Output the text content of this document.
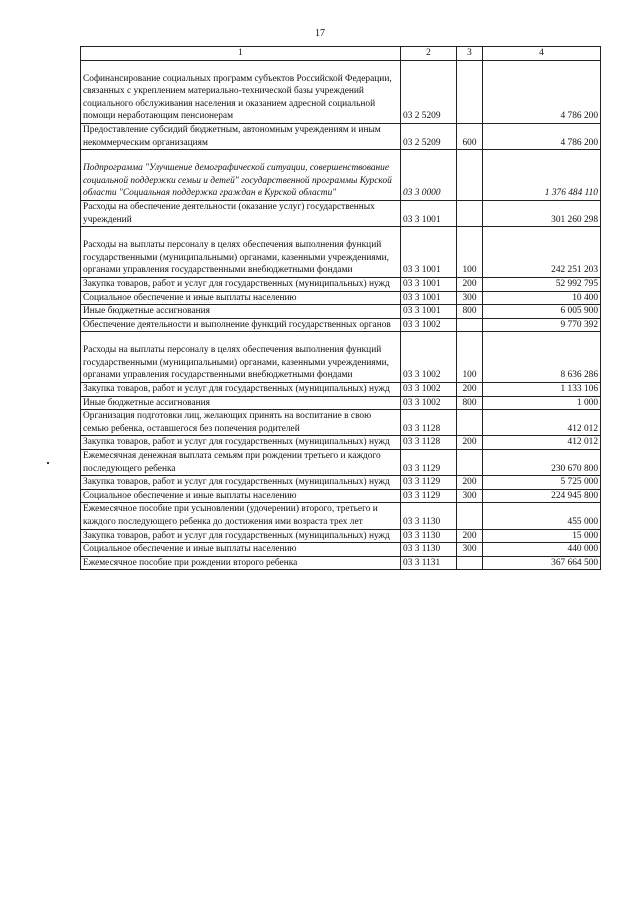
17
1	2	3	4
Софинансирование социальных программ субъектов Российской Федерации, связанных с укреплением материально-технической базы учреждений социального обслуживания населения и оказанием адресной социальной помощи неработающим пенсионерам	03 2 5209		4 786 200
Предоставление субсидий бюджетным, автономным учреждениям и иным некоммерческим организациям	03 2 5209	600	4 786 200
Подпрограмма "Улучшение демографической ситуации, совершенствование социальной поддержки семьи и детей" государственной программы Курской области "Социальная поддержка граждан в Курской области"	03 3 0000		1 376 484 110
Расходы на обеспечение деятельности (оказание услуг) государственных учреждений	03 3 1001		301 260 298
Расходы на выплаты персоналу в целях обеспечения выполнения функций государственными (муниципальными) органами, казенными учреждениями, органами управления государственными внебюджетными фондами	03 3 1001	100	242 251 203
Закупка товаров, работ и услуг для государственных (муниципальных) нужд	03 3 1001	200	52 992 795
Социальное обеспечение и иные выплаты населению	03 3 1001	300	10 400
Иные бюджетные ассигнования	03 3 1001	800	6 005 900
Обеспечение деятельности и выполнение функций государственных органов	03 3 1002		9 770 392
Расходы на выплаты персоналу в целях обеспечения выполнения функций государственными (муниципальными) органами, казенными учреждениями, органами управления государственными внебюджетными фондами	03 3 1002	100	8 636 286
Закупка товаров, работ и услуг для государственных (муниципальных) нужд	03 3 1002	200	1 133 106
Иные бюджетные ассигнования	03 3 1002	800	1 000
Организация подготовки лиц, желающих принять на воспитание в свою семью ребенка, оставшегося без попечения родителей	03 3 1128		412 012
Закупка товаров, работ и услуг для государственных (муниципальных) нужд	03 3 1128	200	412 012
Ежемесячная денежная выплата семьям при рождении третьего и каждого последующего ребенка	03 3 1129		230 670 800
Закупка товаров, работ и услуг для государственных (муниципальных) нужд	03 3 1129	200	5 725 000
Социальное обеспечение и иные выплаты населению	03 3 1129	300	224 945 800
Ежемесячное пособие при усыновлении (удочерении) второго, третьего и каждого последующего ребенка до достижения ими возраста трех лет	03 3 1130		455 000
Закупка товаров, работ и услуг для государственных (муниципальных) нужд	03 3 1130	200	15 000
Социальное обеспечение и иные выплаты населению	03 3 1130	300	440 000
Ежемесячное пособие при рождении второго ребенка	03 3 1131		367 664 500
